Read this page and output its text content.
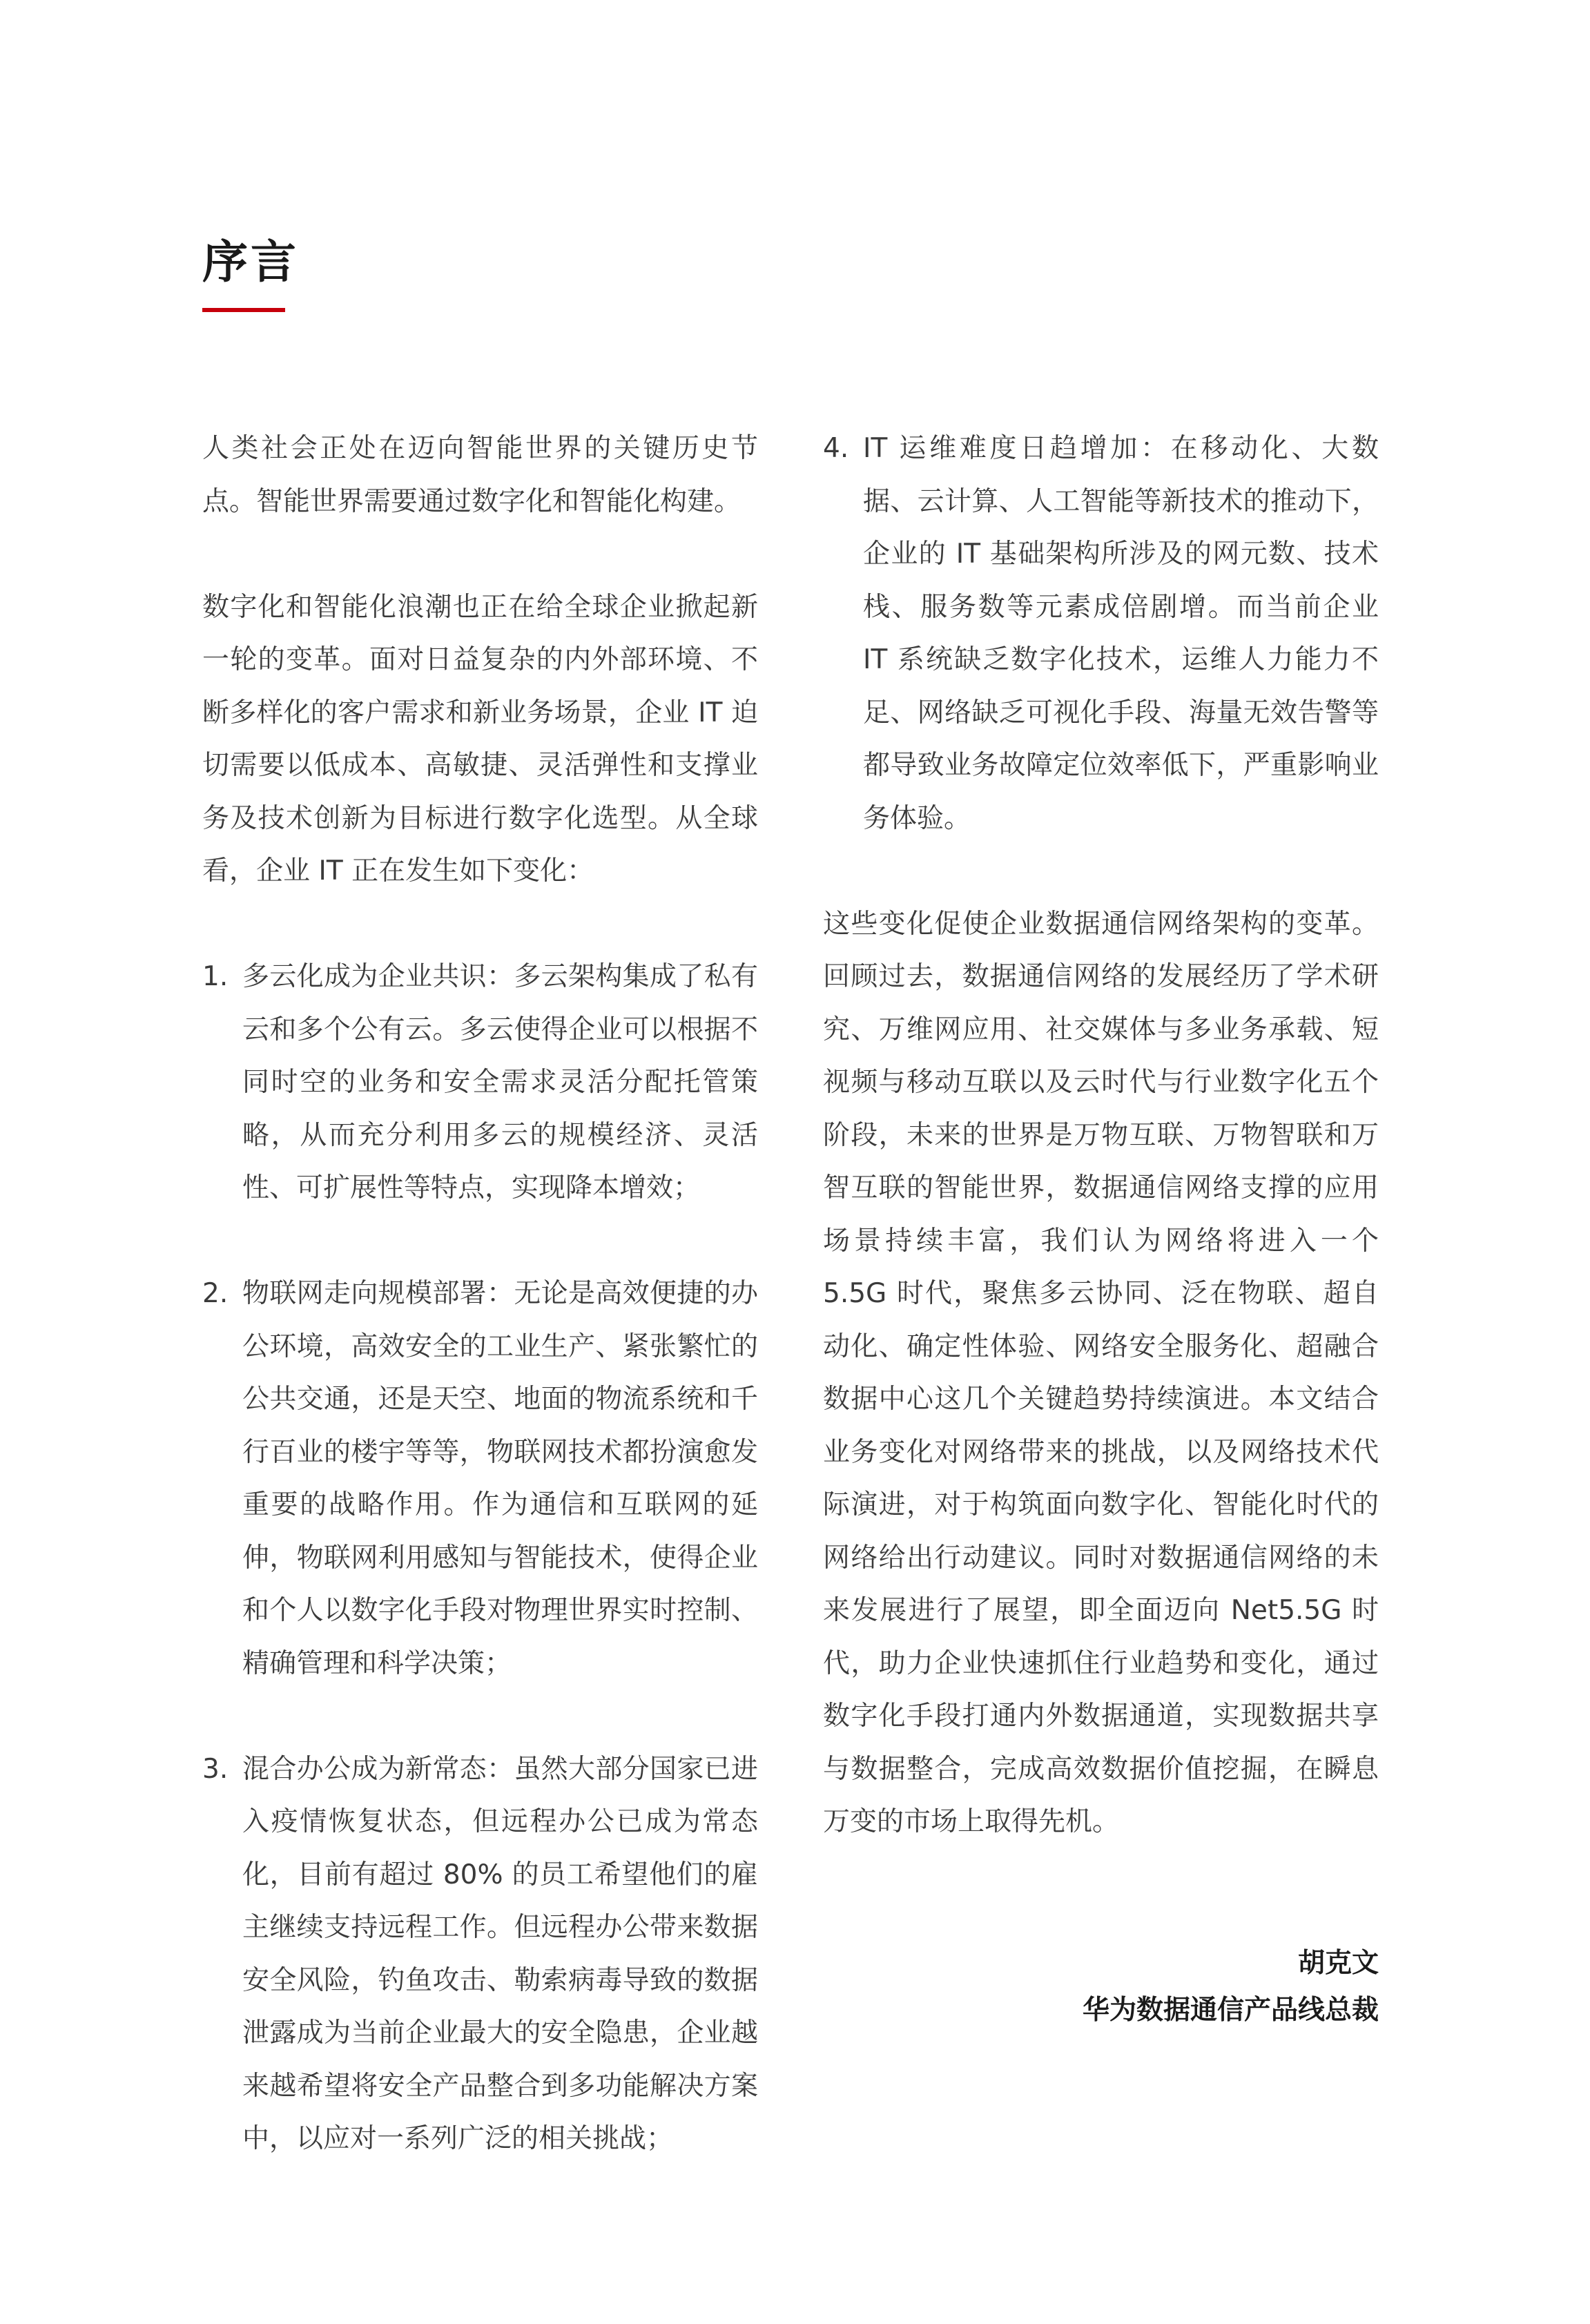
序言

人类社会正处在迈向智能世界的关键历史节点。智能世界需要通过数字化和智能化构建。

数字化和智能化浪潮也正在给全球企业掀起新一轮的变革。面对日益复杂的内外部环境、不断多样化的客户需求和新业务场景，企业 IT 迫切需要以低成本、高敏捷、灵活弹性和支撑业务及技术创新为目标进行数字化选型。从全球看，企业 IT 正在发生如下变化：

1. 多云化成为企业共识：多云架构集成了私有云和多个公有云。多云使得企业可以根据不同时空的业务和安全需求灵活分配托管策略，从而充分利用多云的规模经济、灵活性、可扩展性等特点，实现降本增效；
2. 物联网走向规模部署：无论是高效便捷的办公环境，高效安全的工业生产、紧张繁忙的公共交通，还是天空、地面的物流系统和千行百业的楼宇等等，物联网技术都扮演愈发重要的战略作用。作为通信和互联网的延伸，物联网利用感知与智能技术，使得企业和个人以数字化手段对物理世界实时控制、精确管理和科学决策；
3. 混合办公成为新常态：虽然大部分国家已进入疫情恢复状态，但远程办公已成为常态化，目前有超过 80% 的员工希望他们的雇主继续支持远程工作。但远程办公带来数据安全风险，钓鱼攻击、勒索病毒导致的数据泄露成为当前企业最大的安全隐患，企业越来越希望将安全产品整合到多功能解决方案中，以应对一系列广泛的相关挑战；
4. IT 运维难度日趋增加：在移动化、大数据、云计算、人工智能等新技术的推动下，企业的 IT 基础架构所涉及的网元数、技术栈、服务数等元素成倍剧增。而当前企业 IT 系统缺乏数字化技术，运维人力能力不足、网络缺乏可视化手段、海量无效告警等都导致业务故障定位效率低下，严重影响业务体验。

这些变化促使企业数据通信网络架构的变革。回顾过去，数据通信网络的发展经历了学术研究、万维网应用、社交媒体与多业务承载、短视频与移动互联以及云时代与行业数字化五个阶段，未来的世界是万物互联、万物智联和万智互联的智能世界，数据通信网络支撑的应用场景持续丰富，我们认为网络将进入一个 5.5G 时代，聚焦多云协同、泛在物联、超自动化、确定性体验、网络安全服务化、超融合数据中心这几个关键趋势持续演进。本文结合业务变化对网络带来的挑战，以及网络技术代际演进，对于构筑面向数字化、智能化时代的网络给出行动建议。同时对数据通信网络的未来发展进行了展望，即全面迈向 Net5.5G 时代，助力企业快速抓住行业趋势和变化，通过数字化手段打通内外数据通道，实现数据共享与数据整合，完成高效数据价值挖掘，在瞬息万变的市场上取得先机。

胡克文
华为数据通信产品线总裁
